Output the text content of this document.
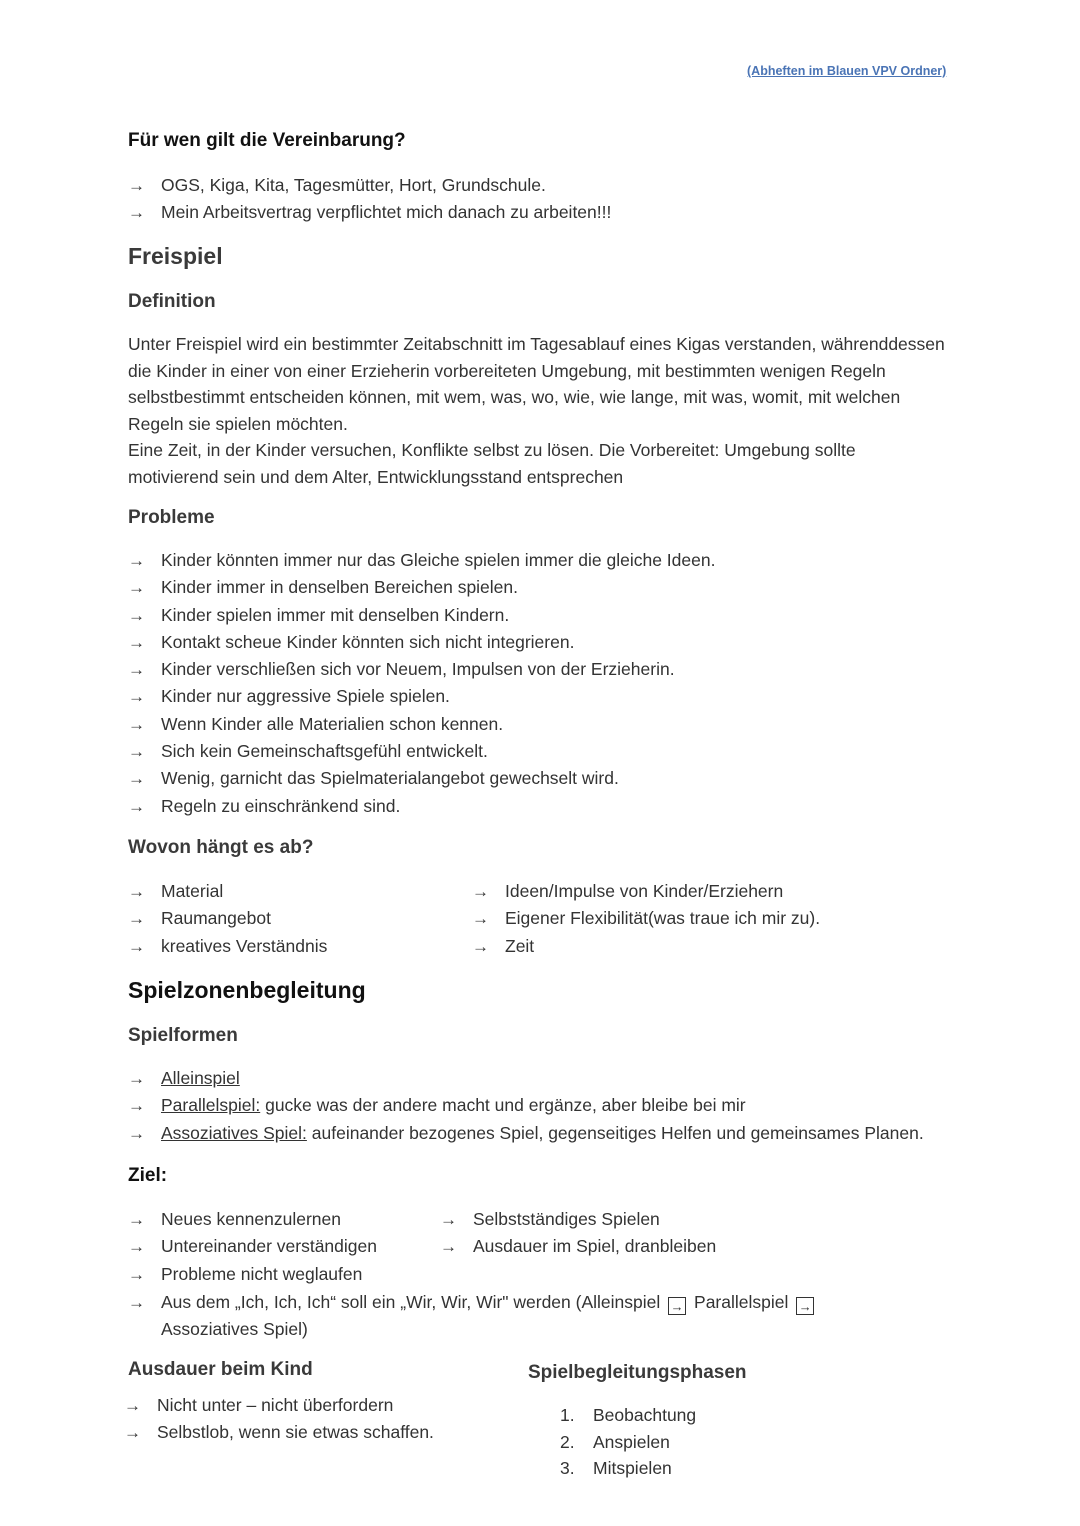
(Abheften im Blauen VPV Ordner)
Für wen gilt die Vereinbarung?
→ OGS, Kiga, Kita, Tagesmütter, Hort, Grundschule.
→ Mein Arbeitsvertrag verpflichtet mich danach zu arbeiten!!!
Freispiel
Definition
Unter Freispiel wird ein bestimmter Zeitabschnitt im Tagesablauf eines Kigas verstanden, währenddessen die Kinder in einer von einer Erzieherin vorbereiteten Umgebung, mit bestimmten wenigen Regeln selbstbestimmt entscheiden können, mit wem, was, wo, wie, wie lange, mit was, womit, mit welchen Regeln sie spielen möchten.
Eine Zeit, in der Kinder versuchen, Konflikte selbst zu lösen. Die Vorbereitet: Umgebung sollte motivierend sein und dem Alter, Entwicklungsstand entsprechen
Probleme
→ Kinder könnten immer nur das Gleiche spielen immer die gleiche Ideen.
→ Kinder immer in denselben Bereichen spielen.
→ Kinder spielen immer mit denselben Kindern.
→ Kontakt scheue Kinder könnten sich nicht integrieren.
→ Kinder verschließen sich vor Neuem, Impulsen von der Erzieherin.
→ Kinder nur aggressive Spiele spielen.
→ Wenn Kinder alle Materialien schon kennen.
→ Sich kein Gemeinschaftsgefühl entwickelt.
→ Wenig, garnicht das Spielmaterialangebot gewechselt wird.
→ Regeln zu einschränkend sind.
Wovon hängt es ab?
→ Material
→ Raumangebot
→ kreatives Verständnis
→ Ideen/Impulse von Kinder/Erziehern
→ Eigener Flexibilität(was traue ich mir zu).
→ Zeit
Spielzonenbegleitung
Spielformen
→ Alleinspiel
→ Parallelspiel: gucke was der andere macht und ergänze, aber bleibe bei mir
→ Assoziatives Spiel: aufeinander bezogenes Spiel, gegenseitiges Helfen und gemeinsames Planen.
Ziel:
→ Neues kennenzulernen
→ Untereinander verständigen
→ Probleme nicht weglaufen
→ Selbstständiges Spielen
→ Ausdauer im Spiel, dranbleiben
→ Aus dem „Ich, Ich, Ich“ soll ein „Wir, Wir, Wir" werden (Alleinspiel → Parallelspiel →
Assoziatives Spiel)
Ausdauer beim Kind
→ Nicht unter – nicht überfordern
→ Selbstlob, wenn sie etwas schaffen.
Spielbegleitungsphasen
1. Beobachtung
2. Anspielen
3. Mitspielen
